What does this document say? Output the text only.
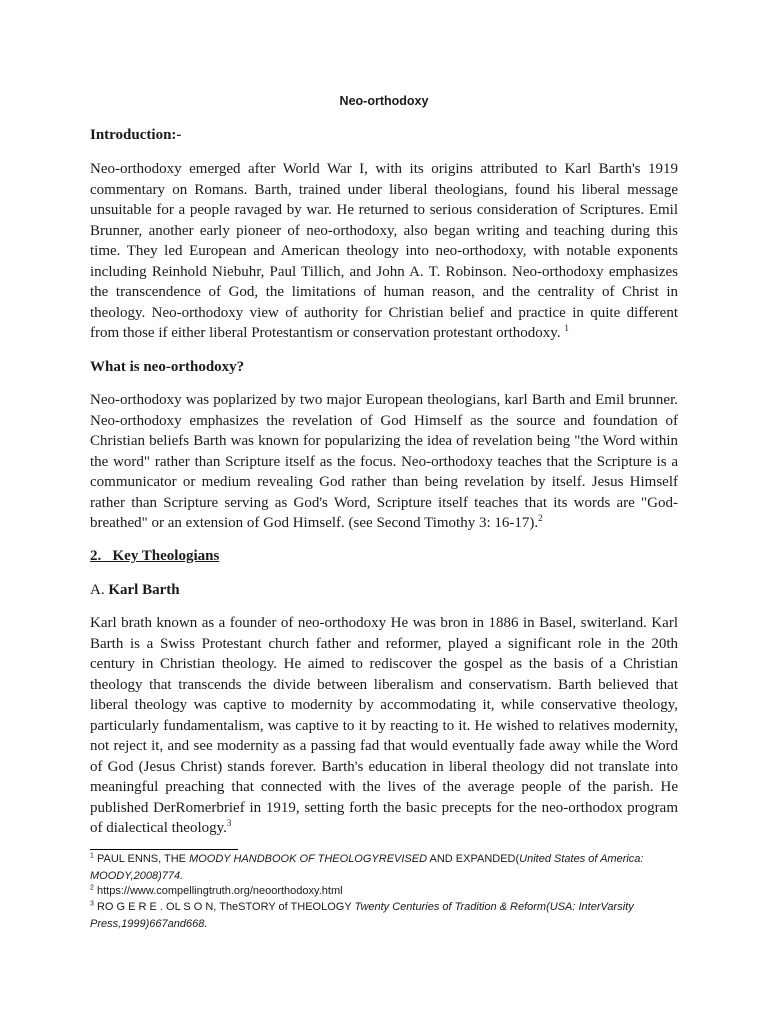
Neo-orthodoxy
Introduction:-

Neo-orthodoxy emerged after World War I, with its origins attributed to Karl Barth's 1919 commentary on Romans. Barth, trained under liberal theologians, found his liberal message unsuitable for a people ravaged by war. He returned to serious consideration of Scriptures. Emil Brunner, another early pioneer of neo-orthodoxy, also began writing and teaching during this time. They led European and American theology into neo-orthodoxy, with notable exponents including Reinhold Niebuhr, Paul Tillich, and John A. T. Robinson. Neo-orthodoxy emphasizes the transcendence of God, the limitations of human reason, and the centrality of Christ in theology. Neo-orthodoxy view of authority for Christian belief and practice in quite different from those if either liberal Protestantism or conservation protestant orthodoxy. $^1$

What is neo-orthodoxy?

Neo-orthodoxy was poplarized by two major European theologians, karl Barth and Emil brunner. Neo-orthodoxy emphasizes the revelation of God Himself as the source and foundation of Christian beliefs Barth was known for popularizing the idea of revelation being "the Word within the word" rather than Scripture itself as the focus. Neo-orthodoxy teaches that the Scripture is a communicator or medium revealing God rather than being revelation by itself. Jesus Himself rather than Scripture serving as God's Word, Scripture itself teaches that its words are "God-breathed" or an extension of God Himself. (see Second Timothy 3: 16-17).$^2$

2. Key Theologians
A. Karl Barth

Karl brath known as a founder of neo-orthodoxy He was bron in 1886 in Basel, switerland. Karl Barth is a Swiss Protestant church father and reformer, played a significant role in the 20th century in Christian theology. He aimed to rediscover the gospel as the basis of a Christian theology that transcends the divide between liberalism and conservatism. Barth believed that liberal theology was captive to modernity by accommodating it, while conservative theology, particularly fundamentalism, was captive to it by reacting to it. He wished to relatives modernity, not reject it, and see modernity as a passing fad that would eventually fade away while the Word of God (Jesus Christ) stands forever. Barth's education in liberal theology did not translate into meaningful preaching that connected with the lives of the average people of the parish. He published DerRomerbrief in 1919, setting forth the basic precepts for the neo-orthodox program of dialectical theology.$^3$

$^1$ PAUL ENNS, THE MOODY HANDBOOK OF THEOLOGYREVISED AND EXPANDED(United States of America: MOODY,2008)774.

$^2$ https://www.compellingtruth.org/neoorthodoxy.html

$^3$ RO G E R E . OL S O N, TheSTORY of THEOLOGY Twenty Centuries of Tradition & Reform(USA: InterVarsity Press,1999)667and668.
